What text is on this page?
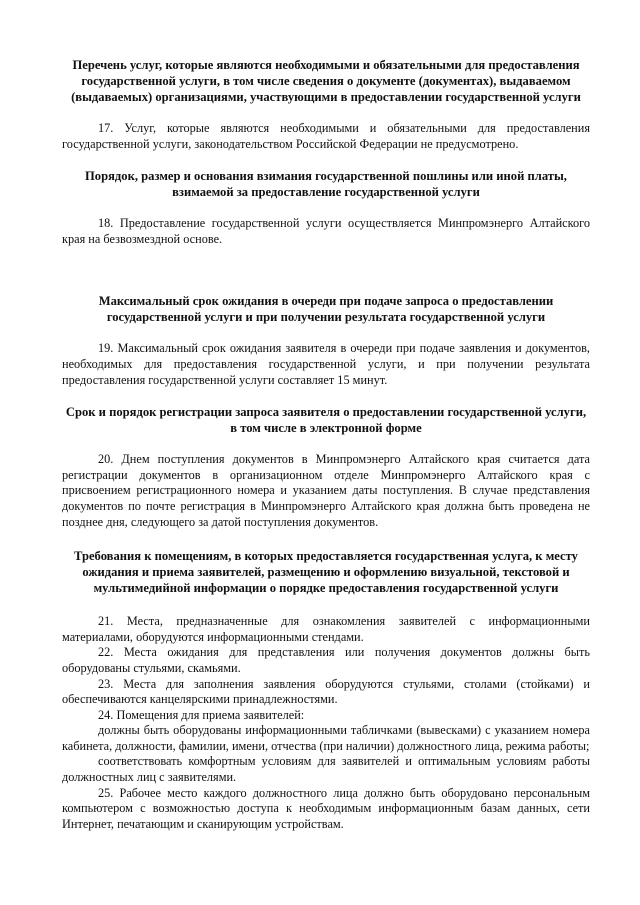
Перечень услуг, которые являются необходимыми и обязательными для предоставления государственной услуги, в том числе сведения о документе (документах), выдаваемом (выдаваемых) организациями, участвующими в предоставлении государственной услуги

17. Услуг, которые являются необходимыми и обязательными для предоставления государственной услуги, законодательством Российской Федерации не предусмотрено.

Порядок, размер и основания взимания государственной пошлины или иной платы, взимаемой за предоставление государственной услуги

18. Предоставление государственной услуги осуществляется Минпромэнерго Алтайского края на безвозмездной основе.

Максимальный срок ожидания в очереди при подаче запроса о предоставлении государственной услуги и при получении результата государственной услуги

19. Максимальный срок ожидания заявителя в очереди при подаче заявления и документов, необходимых для предоставления государственной услуги, и при получении результата предоставления государственной услуги составляет 15 минут.

Срок и порядок регистрации запроса заявителя о предоставлении государственной услуги, в том числе в электронной форме

20. Днем поступления документов в Минпромэнерго Алтайского края считается дата регистрации документов в организационном отделе Минпромэнерго Алтайского края с присвоением регистрационного номера и указанием даты поступления. В случае представления документов по почте регистрация в Минпромэнерго Алтайского края должна быть проведена не позднее дня, следующего за датой поступления документов.

Требования к помещениям, в которых предоставляется государственная услуга, к месту ожидания и приема заявителей, размещению и оформлению визуальной, текстовой и мультимедийной информации о порядке предоставления государственной услуги

21. Места, предназначенные для ознакомления заявителей с информационными материалами, оборудуются информационными стендами.

22. Места ожидания для представления или получения документов должны быть оборудованы стульями, скамьями.

23. Места для заполнения заявления оборудуются стульями, столами (стойками) и обеспечиваются канцелярскими принадлежностями.

24. Помещения для приема заявителей:

должны быть оборудованы информационными табличками (вывесками) с указанием номера кабинета, должности, фамилии, имени, отчества (при наличии) должностного лица, режима работы;

соответствовать комфортным условиям для заявителей и оптимальным условиям работы должностных лиц с заявителями.

25. Рабочее место каждого должностного лица должно быть оборудовано персональным компьютером с возможностью доступа к необходимым информационным базам данных, сети Интернет, печатающим и сканирующим устройствам.
